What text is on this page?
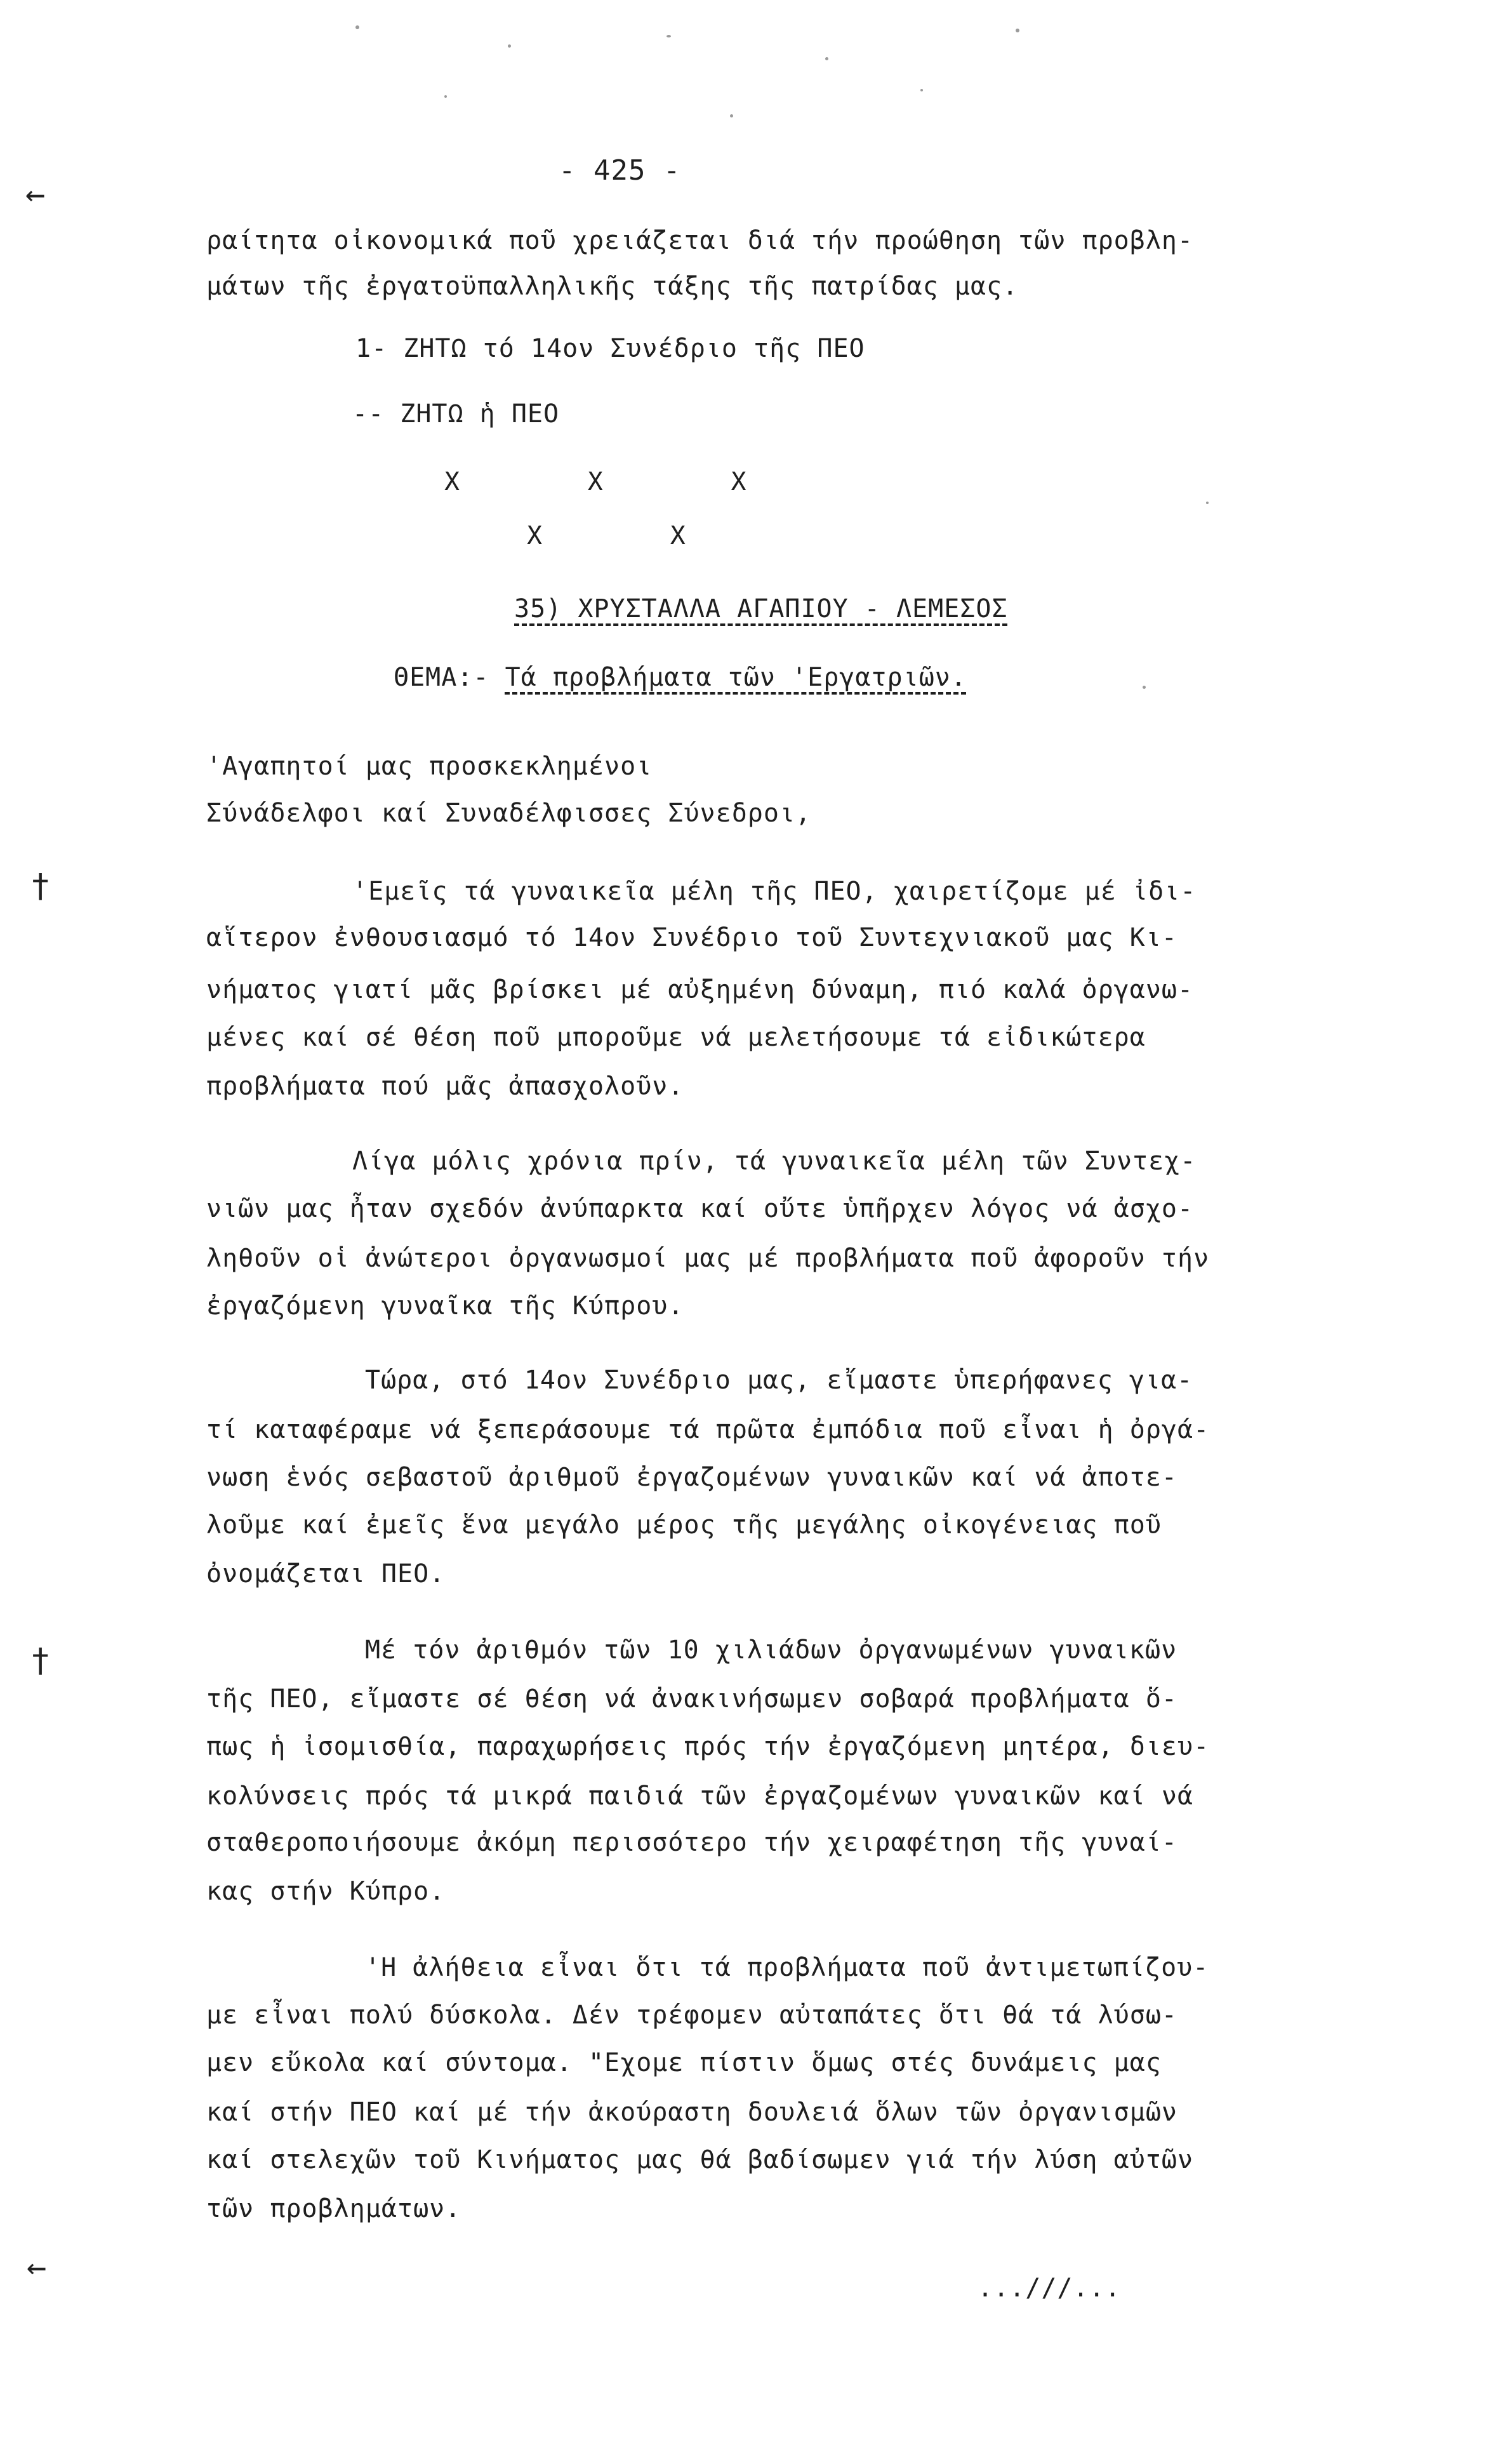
- 425 -
ραίτητα οἰκονομικά ποῦ χρειάζεται διά τήν προώθηση τῶν προβλη-
μάτων τῆς ἐργατοϋπαλληλικῆς τάξης τῆς πατρίδας μας.
1- ΖΗΤΩ τό 14ον Συνέδριο τῆς ΠΕΟ
-- ΖΗΤΩ ἡ ΠΕΟ
Χ        Χ        Χ
Χ        Χ
35) ΧΡΥΣΤΑΛΛΑ ΑΓΑΠΙΟΥ - ΛΕΜΕΣΟΣ
ΘΕΜΑ:- Τά προβλήματα τῶν 'Εργατριῶν.
'Αγαπητοί μας προσκεκλημένοι
Σύνάδελφοι καί Συναδέλφισσες Σύνεδροι,
'Εμεῖς τά γυναικεῖα μέλη τῆς ΠΕΟ, χαιρετίζομε μέ ἰδι-
αἵτερον ἐνθουσιασμό τό 14ον Συνέδριο τοῦ Συντεχνιακοῦ μας Κι-
νήματος γιατί μᾶς βρίσκει μέ αὐξημένη δύναμη, πιό καλά ὀργανω-
μένες καί σέ θέση ποῦ μποροῦμε νά μελετήσουμε τά εἰδικώτερα
προβλήματα πού μᾶς ἀπασχολοῦν.
Λίγα μόλις χρόνια πρίν, τά γυναικεῖα μέλη τῶν Συντεχ-
νιῶν μας ἦταν σχεδόν ἀνύπαρκτα καί οὔτε ὑπῆρχεν λόγος νά ἀσχο-
ληθοῦν οἱ ἀνώτεροι ὀργανωσμοί μας μέ προβλήματα ποῦ ἀφοροῦν τήν
ἐργαζόμενη γυναῖκα τῆς Κύπρου.
Τώρα, στό 14ον Συνέδριο μας, εἴμαστε ὑπερήφανες για-
τί καταφέραμε νά ξεπεράσουμε τά πρῶτα ἐμπόδια ποῦ εἶναι ἡ ὀργά-
νωση ἑνός σεβαστοῦ ἀριθμοῦ ἐργαζομένων γυναικῶν καί νά ἀποτε-
λοῦμε καί ἐμεῖς ἕνα μεγάλο μέρος τῆς μεγάλης οἰκογένειας ποῦ
ὀνομάζεται ΠΕΟ.
Μέ τόν ἀριθμόν τῶν 10 χιλιάδων ὀργανωμένων γυναικῶν
τῆς ΠΕΟ, εἴμαστε σέ θέση νά ἀνακινήσωμεν σοβαρά προβλήματα ὅ-
πως ἡ ἰσομισθία, παραχωρήσεις πρός τήν ἐργαζόμενη μητέρα, διευ-
κολύνσεις πρός τά μικρά παιδιά τῶν ἐργαζομένων γυναικῶν καί νά
σταθεροποιήσουμε ἀκόμη περισσότερο τήν χειραφέτηση τῆς γυναί-
κας στήν Κύπρο.
'Η ἀλήθεια εἶναι ὅτι τά προβλήματα ποῦ ἀντιμετωπίζου-
με εἶναι πολύ δύσκολα. Δέν τρέφομεν αὐταπάτες ὅτι θά τά λύσω-
μεν εὔκολα καί σύντομα. "Εχομε πίστιν ὅμως στές δυνάμεις μας
καί στήν ΠΕΟ καί μέ τήν ἀκούραστη δουλειά ὅλων τῶν ὀργανισμῶν
καί στελεχῶν τοῦ Κινήματος μας θά βαδίσωμεν γιά τήν λύση αὐτῶν
τῶν προβλημάτων.
...///...
←
†
†
←
